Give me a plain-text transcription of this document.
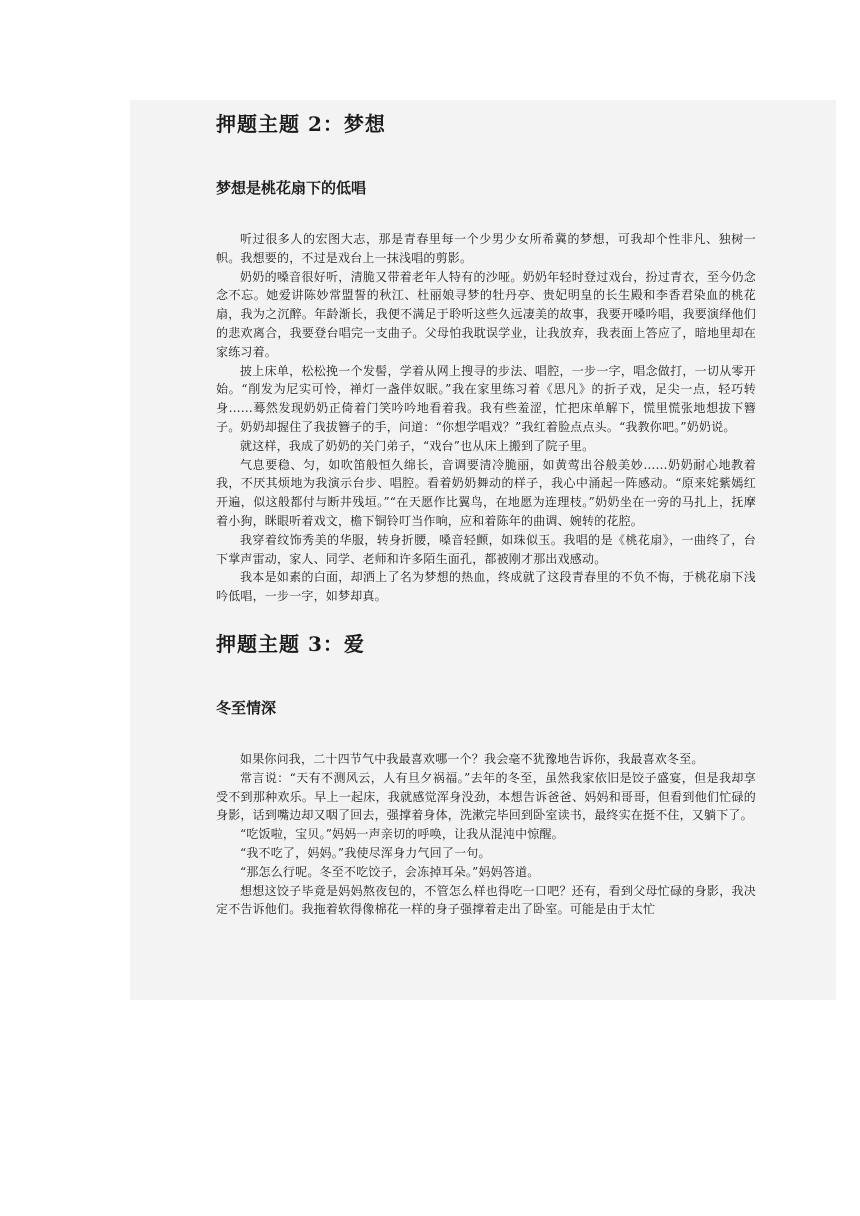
押题主题 2：梦想
梦想是桃花扇下的低唱

听过很多人的宏图大志，那是青春里每一个少男少女所希冀的梦想，可我却个性非凡、独树一帜。我想要的，不过是戏台上一抹浅唱的剪影。

奶奶的嗓音很好听，清脆又带着老年人特有的沙哑。奶奶年轻时登过戏台，扮过青衣，至今仍念念不忘。她爱讲陈妙常盟誓的秋江、杜丽娘寻梦的牡丹亭、贵妃明皇的长生殿和李香君染血的桃花扇，我为之沉醉。年龄渐长，我便不满足于聆听这些久远凄美的故事，我要开嗓吟唱，我要演绎他们的悲欢离合，我要登台唱完一支曲子。父母怕我耽误学业，让我放弃，我表面上答应了，暗地里却在家练习着。

披上床单，松松挽一个发髻，学着从网上搜寻的步法、唱腔，一步一字，唱念做打，一切从零开始。“削发为尼实可怜，禅灯一盏伴奴眠。”我在家里练习着《思凡》的折子戏，足尖一点，轻巧转身……蓦然发现奶奶正倚着门笑吟吟地看着我。我有些羞涩，忙把床单解下，慌里慌张地想拔下簪子。奶奶却握住了我拔簪子的手，问道：“你想学唱戏？”我红着脸点点头。“我教你吧。”奶奶说。

就这样，我成了奶奶的关门弟子，“戏台”也从床上搬到了院子里。

气息要稳、匀，如吹笛般恒久绵长，音调要清冷脆丽，如黄莺出谷般美妙……奶奶耐心地教着我，不厌其烦地为我演示台步、唱腔。看着奶奶舞动的样子，我心中涌起一阵感动。“原来姹紫嫣红开遍，似这般都付与断井残垣。”“在天愿作比翼鸟，在地愿为连理枝。”奶奶坐在一旁的马扎上，抚摩着小狗，眯眼听着戏文，檐下铜铃叮当作响，应和着陈年的曲调、婉转的花腔。

我穿着纹饰秀美的华服，转身折腰，嗓音轻颤，如珠似玉。我唱的是《桃花扇》，一曲终了，台下掌声雷动，家人、同学、老师和许多陌生面孔，都被刚才那出戏感动。

我本是如素的白面，却洒上了名为梦想的热血，终成就了这段青春里的不负不悔，于桃花扇下浅吟低唱，一步一字，如梦却真。

押题主题 3：爱
冬至情深

如果你问我，二十四节气中我最喜欢哪一个？我会毫不犹豫地告诉你，我最喜欢冬至。

常言说：“天有不测风云，人有旦夕祸福。”去年的冬至，虽然我家依旧是饺子盛宴，但是我却享受不到那种欢乐。早上一起床，我就感觉浑身没劲，本想告诉爸爸、妈妈和哥哥，但看到他们忙碌的身影，话到嘴边却又咽了回去，强撑着身体，洗漱完毕回到卧室读书，最终实在挺不住，又躺下了。

“吃饭啦，宝贝。”妈妈一声亲切的呼唤，让我从混沌中惊醒。

“我不吃了，妈妈。”我使尽浑身力气回了一句。

“那怎么行呢。冬至不吃饺子，会冻掉耳朵。”妈妈答道。

想想这饺子毕竟是妈妈熬夜包的，不管怎么样也得吃一口吧？还有，看到父母忙碌的身影，我决定不告诉他们。我拖着软得像棉花一样的身子强撑着走出了卧室。可能是由于太忙
